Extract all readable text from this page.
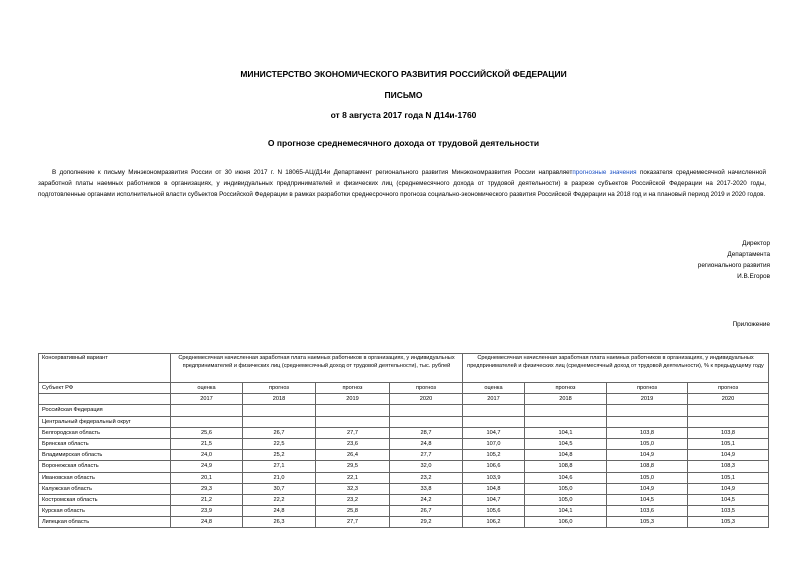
МИНИСТЕРСТВО ЭКОНОМИЧЕСКОГО РАЗВИТИЯ РОССИЙСКОЙ ФЕДЕРАЦИИ
ПИСЬМО
от 8 августа 2017 года N Д14и-1760
О прогнозе среднемесячного дохода от трудовой деятельности

В дополнение к письму Минэкономразвития России от 30 июня 2017 г. N 18065-АЦ/Д14и Департамент регионального развития Минэкономразвития России направляетпрогнозные значения показателя среднемесячной начисленной заработной платы наемных работников в организациях, у индивидуальных предпринимателей и физических лиц (среднемесячного дохода от трудовой деятельности) в разрезе субъектов Российской Федерации на 2017-2020 годы, подготовленные органами исполнительной власти субъектов Российской Федерации в рамках разработки среднесрочного прогноза социально-экономического развития Российской Федерации на 2018 год и на плановый период 2019 и 2020 годов.

Директор
Департамента
регионального развития
И.В.Егоров
Приложение
Консервативный вариант	Среднемесячная начисленная заработная плата наемных работников в организациях, у индивидуальных предпринимателей и физических лиц (среднемесячный доход от трудовой деятельности), тыс. рублей				Среднемесячная начисленная заработная плата наемных работников в организациях, у индивидуальных предпринимателей и физических лиц (среднемесячный доход от трудовой деятельности), % к предыдущему году			
Субъект РФ	оценка	прогноз	прогноз	прогноз	оценка	прогноз	прогноз	прогноз
	2017	2018	2019	2020	2017	2018	2019	2020
Российская Федерация								
Центральный федеральный округ								
Белгородская область	25,6	26,7	27,7	28,7	104,7	104,1	103,8	103,8
Брянская область	21,5	22,5	23,6	24,8	107,0	104,5	105,0	105,1
Владимирская область	24,0	25,2	26,4	27,7	105,2	104,8	104,9	104,9
Воронежская область	24,9	27,1	29,5	32,0	106,6	108,8	108,8	108,3
Ивановская область	20,1	21,0	22,1	23,2	103,9	104,6	105,0	105,1
Калужская область	29,3	30,7	32,3	33,8	104,8	105,0	104,9	104,9
Костромская область	21,2	22,2	23,2	24,2	104,7	105,0	104,5	104,5
Курская область	23,9	24,8	25,8	26,7	105,6	104,1	103,6	103,5
Липецкая область	24,8	26,3	27,7	29,2	106,2	106,0	105,3	105,3
